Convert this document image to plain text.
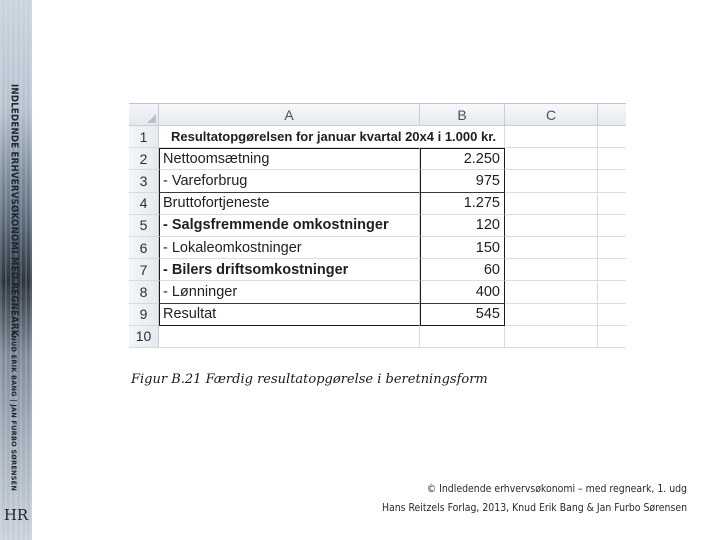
INDLEDENDE ERHVERVSØKONOMI MED REGNEARK
KNUD ERIK BANG | JAN FURBO SØRENSEN
HR
A	B	C
1	Resultatopgørelsen for januar kvartal 20x4 i 1.000 kr.
2	Nettoomsætning	2.250
3	- Vareforbrug	975
4	Bruttofortjeneste	1.275
5	- Salgsfremmende omkostninger	120
6	- Lokaleomkostninger	150
7	- Bilers driftsomkostninger	60
8	- Lønninger	400
9	Resultat	545
10
Figur B.21 Færdig resultatopgørelse i beretningsform
© Indledende erhvervsøkonomi – med regneark, 1. udg
Hans Reitzels Forlag, 2013, Knud Erik Bang & Jan Furbo Sørensen
